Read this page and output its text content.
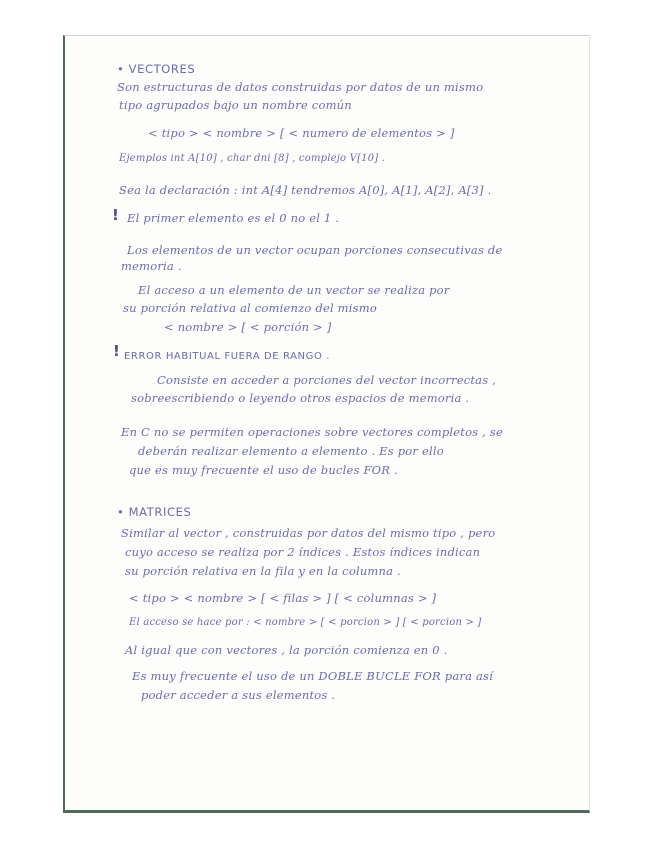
• VECTORES
Son estructuras de datos construidas por datos de un mismo
tipo agrupados bajo un nombre común
< tipo > < nombre > [ < numero de elementos > ]
Ejemplos int A[10] , char dni [8] , complejo V[10] .
Sea la declaración : int A[4] tendremos A[0], A[1], A[2], A[3] .
! El primer elemento es el 0 no el 1 .
Los elementos de un vector ocupan porciones consecutivas de
memoria .
El acceso a un elemento de un vector se realiza por
su porción relativa al comienzo del mismo
< nombre > [ < porción > ]
! ERROR HABITUAL FUERA DE RANGO .
Consiste en acceder a porciones del vector incorrectas ,
sobreescribiendo o leyendo otros espacios de memoria .
En C no se permiten operaciones sobre vectores completos , se
deberán realizar elemento a elemento . Es por ello
que es muy frecuente el uso de bucles FOR .
• MATRICES
Similar al vector , construidas por datos del mismo tipo , pero
cuyo acceso se realiza por 2 índices . Estos índices indican
su porción relativa en la fila y en la columna .
< tipo > < nombre > [ < filas > ] [ < columnas > ]
El acceso se hace por : < nombre > [ < porcion > ] [ < porcion > ]
Al igual que con vectores , la porción comienza en 0 .
Es muy frecuente el uso de un DOBLE BUCLE FOR para así
poder acceder a sus elementos .
